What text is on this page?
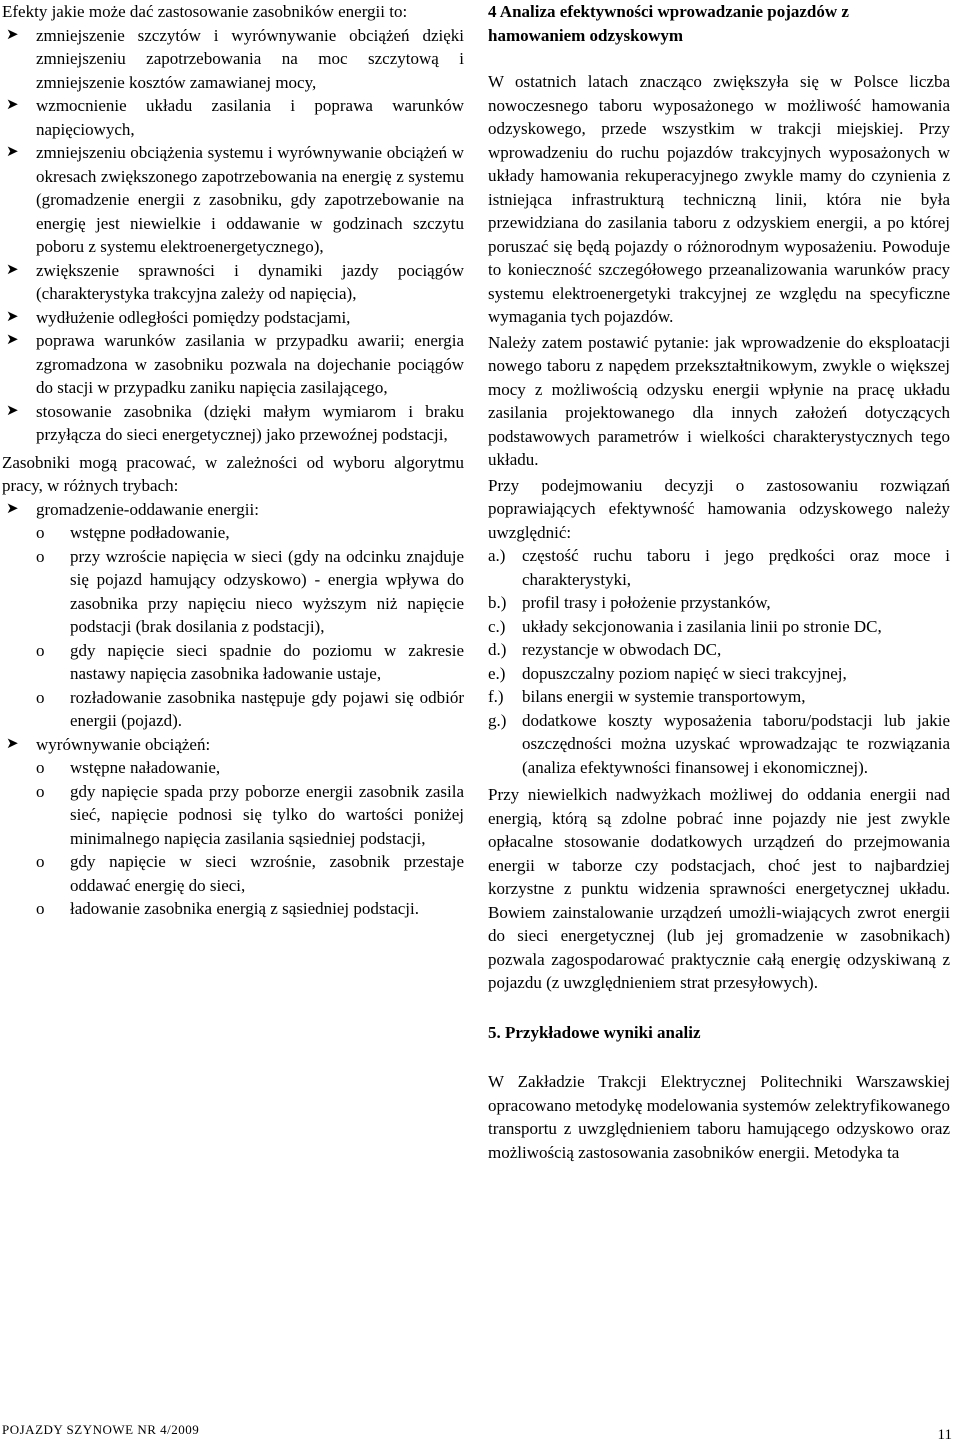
Efekty jakie może dać zastosowanie zasobników energii to:

➤ zmniejszenie szczytów i wyrównywanie obciążeń dzięki zmniejszeniu zapotrzebowania na moc szczytową i zmniejszenie kosztów zamawianej mocy,
➤ wzmocnienie układu zasilania i poprawa warunków napięciowych,
➤ zmniejszeniu obciążenia systemu i wyrównywanie obciążeń w okresach zwiększonego zapotrzebowania na energię z systemu (gromadzenie energii z zasobniku, gdy zapotrzebowanie na energię jest niewielkie i oddawanie w godzinach szczytu poboru z systemu elektroenergetycznego),
➤ zwiększenie sprawności i dynamiki jazdy pociągów (charakterystyka trakcyjna zależy od napięcia),
➤ wydłużenie odległości pomiędzy podstacjami,
➤ poprawa warunków zasilania w przypadku awarii; energia zgromadzona w zasobniku pozwala na dojechanie pociągów do stacji w przypadku zaniku napięcia zasilającego,
➤ stosowanie zasobnika (dzięki małym wymiarom i braku przyłącza do sieci energetycznej) jako przewoźnej podstacji,

Zasobniki mogą pracować, w zależności od wyboru algorytmu pracy, w różnych trybach:

➤ gromadzenie-oddawanie energii:
o wstępne podładowanie,
o przy wzroście napięcia w sieci (gdy na odcinku znajduje się pojazd hamujący odzyskowo) - energia wpływa do zasobnika przy napięciu nieco wyższym niż napięcie podstacji (brak dosilania z podstacji),
o gdy napięcie sieci spadnie do poziomu w zakresie nastawy napięcia zasobnika ładowanie ustaje,
o rozładowanie zasobnika następuje gdy pojawi się odbiór energii (pojazd).
➤ wyrównywanie obciążeń:
o wstępne naładowanie,
o gdy napięcie spada przy poborze energii zasobnik zasila sieć, napięcie podnosi się tylko do wartości poniżej minimalnego napięcia zasilania sąsiedniej podstacji,
o gdy napięcie w sieci wzrośnie, zasobnik przestaje oddawać energię do sieci,
o ładowanie zasobnika energią z sąsiedniej podstacji.

4 Analiza efektywności wprowadzanie pojazdów z hamowaniem odzyskowym

W ostatnich latach znacząco zwiększyła się w Polsce liczba nowoczesnego taboru wyposażonego w możliwość hamowania odzyskowego, przede wszystkim w trakcji miejskiej. Przy wprowadzeniu do ruchu pojazdów trakcyjnych wyposażonych w układy hamowania rekuperacyjnego zwykle mamy do czynienia z istniejąca infrastrukturą techniczną linii, która nie była przewidziana do zasilania taboru z odzyskiem energii, a po której poruszać się będą pojazdy o różnorodnym wyposażeniu. Powoduje to konieczność szczegółowego przeanalizowania warunków pracy systemu elektroenergetyki trakcyjnej ze względu na specyficzne wymagania tych pojazdów.

Należy zatem postawić pytanie: jak wprowadzenie do eksploatacji nowego taboru z napędem przekształtnikowym, zwykle o większej mocy z możliwością odzysku energii wpłynie na pracę układu zasilania projektowanego dla innych założeń dotyczących podstawowych parametrów i wielkości charakterystycznych tego układu.

Przy podejmowaniu decyzji o zastosowaniu rozwiązań poprawiających efektywność hamowania odzyskowego należy uwzględnić:

a.) częstość ruchu taboru i jego prędkości oraz moce i charakterystyki,
b.) profil trasy i położenie przystanków,
c.) układy sekcjonowania i zasilania linii po stronie DC,
d.) rezystancje w obwodach DC,
e.) dopuszczalny poziom napięć w sieci trakcyjnej,
f.) bilans energii w systemie transportowym,
g.) dodatkowe koszty wyposażenia taboru/podstacji lub jakie oszczędności można uzyskać wprowadzając te rozwiązania (analiza efektywności finansowej i ekonomicznej).

Przy niewielkich nadwyżkach możliwej do oddania energii nad energią, którą są zdolne pobrać inne pojazdy nie jest zwykle opłacalne stosowanie dodatkowych urządzeń do przejmowania energii w taborze czy podstacjach, choć jest to najbardziej korzystne z punktu widzenia sprawności energetycznej układu. Bowiem zainstalowanie urządzeń umożli-wiających zwrot energii do sieci energetycznej (lub jej gromadzenie w zasobnikach) pozwala zagospodarować praktycznie całą energię odzyskiwaną z pojazdu (z uwzględnieniem strat przesyłowych).

5. Przykładowe wyniki analiz

W Zakładzie Trakcji Elektrycznej Politechniki Warszawskiej opracowano metodykę modelowania systemów zelektryfikowanego transportu z uwzględnieniem taboru hamującego odzyskowo oraz możliwością zastosowania zasobników energii. Metodyka ta

POJAZDY SZYNOWE NR 4/2009	11
